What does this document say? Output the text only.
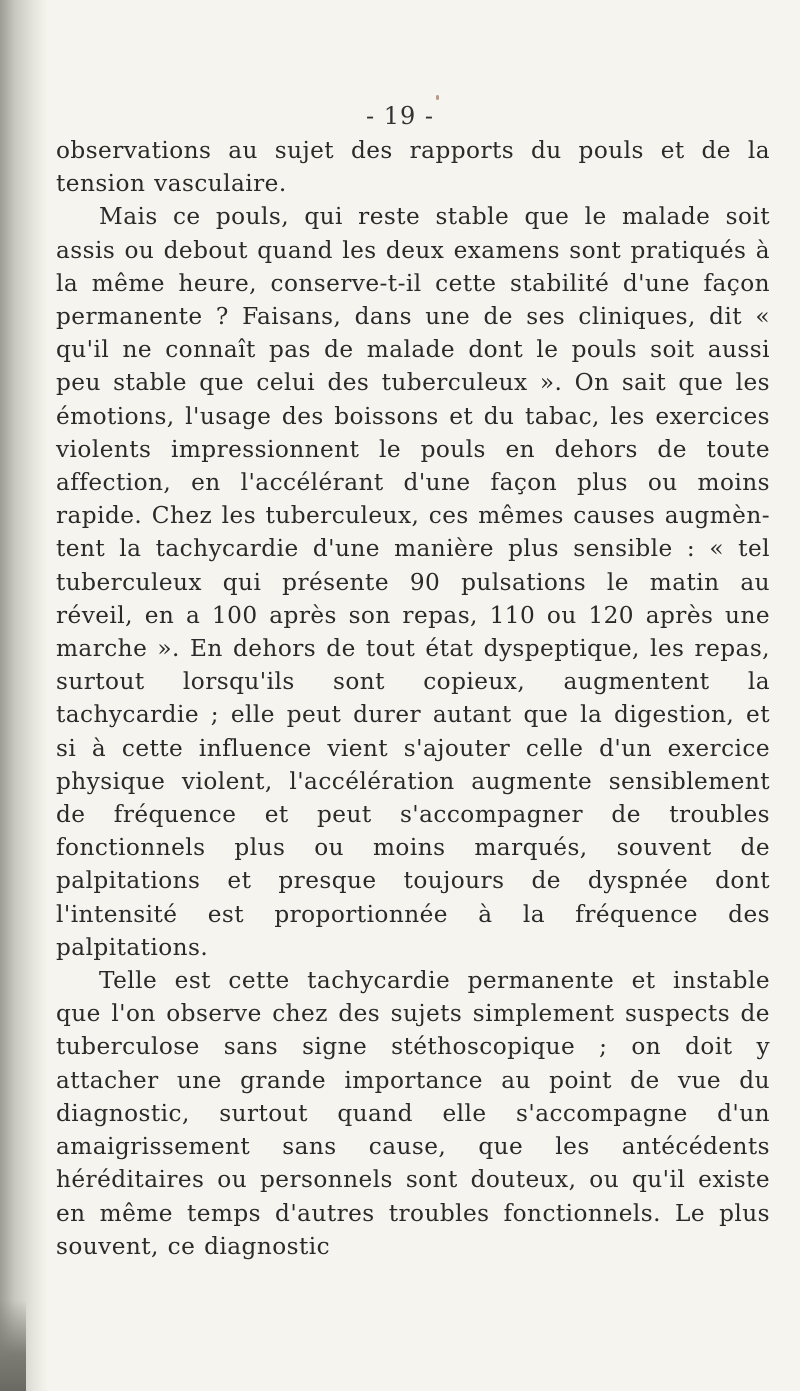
- 19 -

observations au sujet des rapports du pouls et de la tension vasculaire.

Mais ce pouls, qui reste stable que le malade soit assis ou debout quand les deux examens sont pratiqués à la même heure, conserve-t-il cette stabilité d'une façon permanente ? Faisans, dans une de ses cliniques, dit « qu'il ne connaît pas de malade dont le pouls soit aussi peu stable que celui des tuberculeux ». On sait que les émotions, l'usage des boissons et du tabac, les exercices violents impressionnent le pouls en dehors de toute affection, en l'accélérant d'une façon plus ou moins rapide. Chez les tuberculeux, ces mêmes causes augmèn-tent la tachycardie d'une manière plus sensible : « tel tuberculeux qui présente 90 pulsations le matin au réveil, en a 100 après son repas, 110 ou 120 après une marche ». En dehors de tout état dyspeptique, les repas, surtout lorsqu'ils sont copieux, augmentent la tachycardie ; elle peut durer autant que la digestion, et si à cette influence vient s'ajouter celle d'un exercice physique violent, l'accélération augmente sensiblement de fréquence et peut s'accompagner de troubles fonctionnels plus ou moins marqués, souvent de palpitations et presque toujours de dyspnée dont l'intensité est proportionnée à la fréquence des palpitations.

Telle est cette tachycardie permanente et instable que l'on observe chez des sujets simplement suspects de tuberculose sans signe stéthoscopique ; on doit y attacher une grande importance au point de vue du diagnostic, surtout quand elle s'accompagne d'un amaigrissement sans cause, que les antécédents héréditaires ou personnels sont douteux, ou qu'il existe en même temps d'autres troubles fonctionnels. Le plus souvent, ce diagnostic
